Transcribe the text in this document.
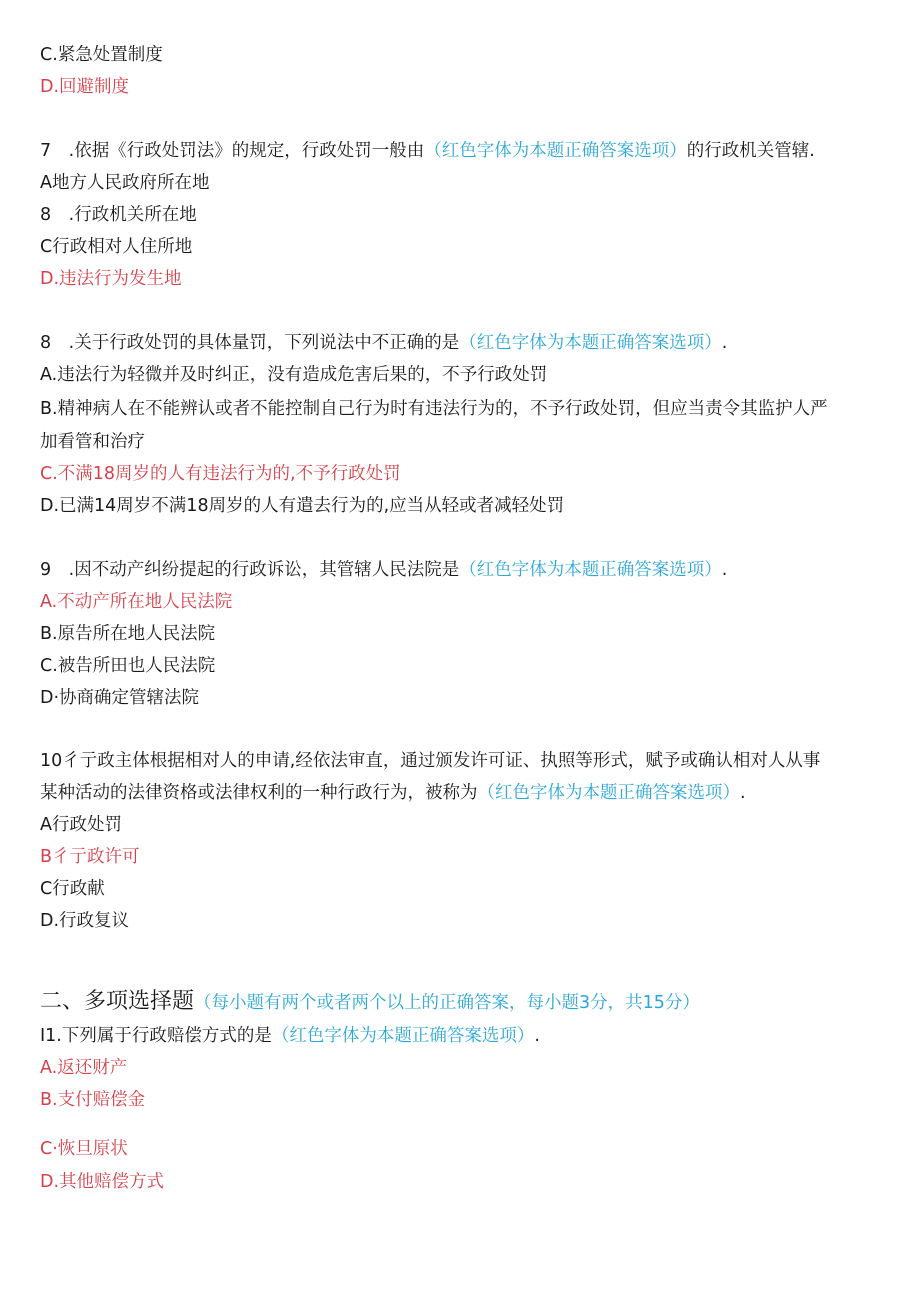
C.紧急处置制度

D.回避制度

7　.依据《行政处罚法》的规定，行政处罚一般由（红色字体为本题正确答案选项）的行政机关管辖.

A地方人民政府所在地

8　.行政机关所在地

C行政相对人住所地

D.违法行为发生地

8　.关于行政处罚的具体量罚，下列说法中不正确的是（红色字体为本题正确答案选项）.

A.违法行为轻微并及时纠正，没有造成危害后果的，不予行政处罚

B.精神病人在不能辨认或者不能控制自己行为时有违法行为的，不予行政处罚，但应当责令其监护人严

加看管和治疗

C.不满18周岁的人有违法行为的,不予行政处罚

D.已满14周岁不满18周岁的人有遣去行为的,应当从轻或者减轻处罚

9　.因不动产纠纷提起的行政诉讼，其管辖人民法院是（红色字体为本题正确答案选项）.

A.不动产所在地人民法院

B.原告所在地人民法院

C.被告所田也人民法院

D·协商确定管辖法院

10彳亍政主体根据相对人的申请,经依法审直，通过颁发许可证、执照等形式，赋予或确认相对人从事

某种活动的法律资格或法律权利的一种行政行为，被称为（红色字体为本题正确答案选项）.

A行政处罚

B彳亍政许可

C行政献

D.行政复议

二、多项选择题（每小题有两个或者两个以上的正确答案，每小题3分，共15分）

I1.下列属于行政赔偿方式的是（红色字体为本题正确答案选项）.

A.返还财产

B.支付赔偿金

C·恢旦原状

D.其他赔偿方式
